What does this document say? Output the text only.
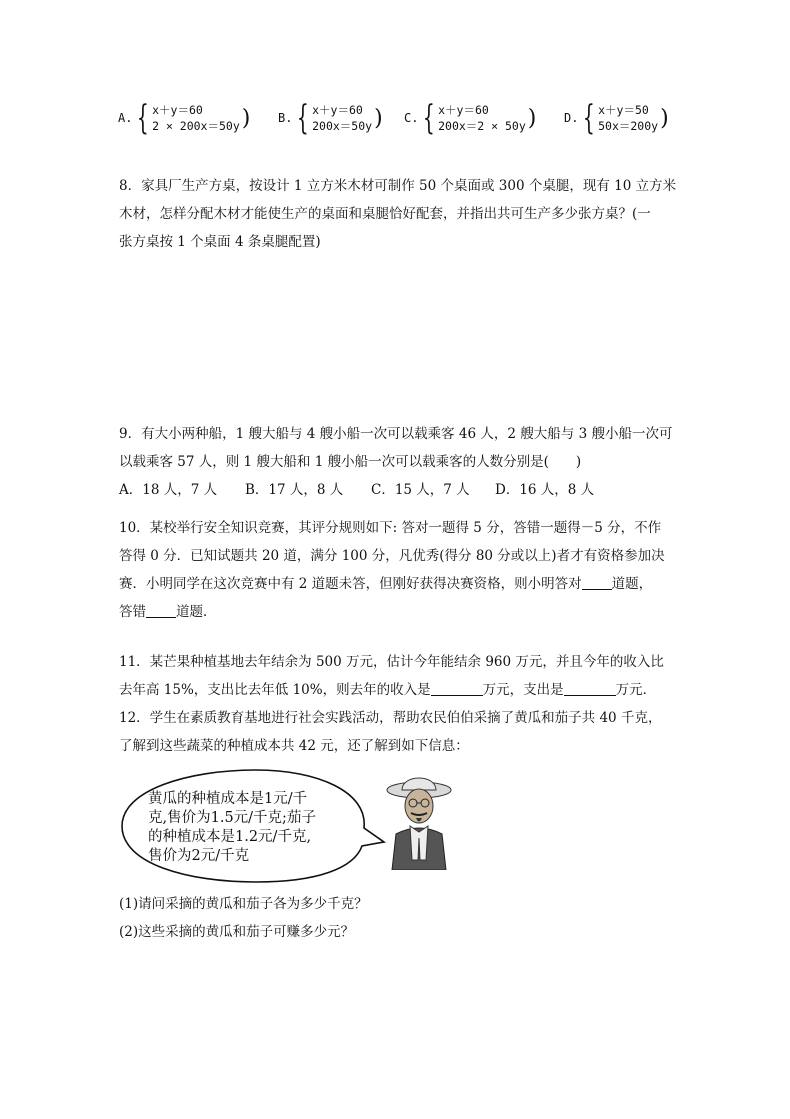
A. { x＋y＝60
2 × 200x＝50y ) B. { x＋y＝60
200x＝50y ) C. { x＋y＝60
200x＝2 × 50y ) D. { x＋y＝50
50x＝200y )
8．家具厂生产方桌，按设计 1 立方米木材可制作 50 个桌面或 300 个桌腿，现有 10 立方米
木材，怎样分配木材才能使生产的桌面和桌腿恰好配套，并指出共可生产多少张方桌？(一
张方桌按 1 个桌面 4 条桌腿配置)
9．有大小两种船，1 艘大船与 4 艘小船一次可以载乘客 46 人，2 艘大船与 3 艘小船一次可
以载乘客 57 人，则 1 艘大船和 1 艘小船一次可以载乘客的人数分别是(　　)
A．18 人，7 人 B．17 人，8 人 C．15 人，7 人 D．16 人，8 人
10．某校举行安全知识竞赛，其评分规则如下: 答对一题得 5 分，答错一题得－5 分，不作
答得 0 分．已知试题共 20 道，满分 100 分，凡优秀(得分 80 分或以上)者才有资格参加决
赛．小明同学在这次竞赛中有 2 道题未答，但刚好获得决赛资格，则小明答对 道题，
答错 道题．
11．某芒果种植基地去年结余为 500 万元，估计今年能结余 960 万元，并且今年的收入比
去年高 15%，支出比去年低 10%，则去年的收入是	万元，支出是	万元．
12．学生在素质教育基地进行社会实践活动，帮助农民伯伯采摘了黄瓜和茄子共 40 千克，
了解到这些蔬菜的种植成本共 42 元，还了解到如下信息：
黄瓜的种植成本是1元/千
克,售价为1.5元/千克;茄子
的种植成本是1.2元/千克,
售价为2元/千克
(1)请问采摘的黄瓜和茄子各为多少千克？
(2)这些采摘的黄瓜和茄子可赚多少元？
